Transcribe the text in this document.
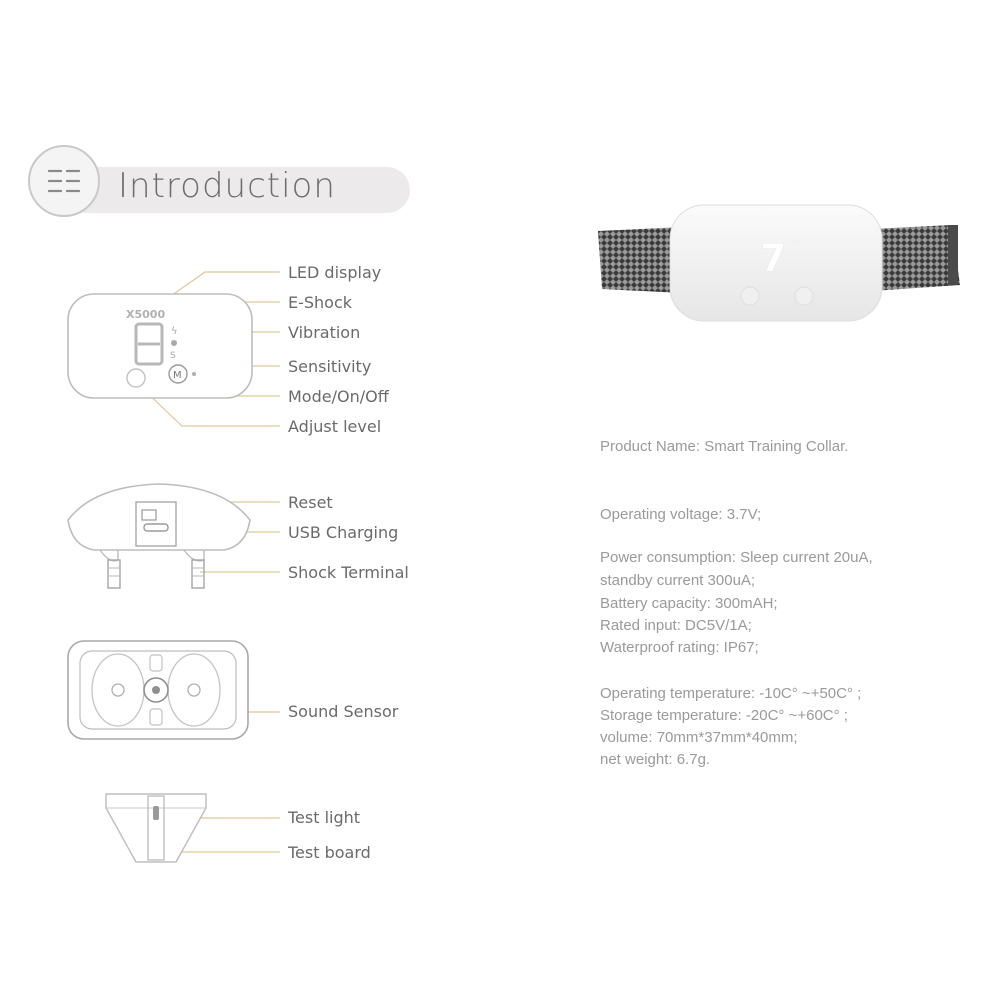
Introduction
X5000
ϟ
S
M
LED display
E-Shock
Vibration
Sensitivity
Mode/On/Off
Adjust level
Reset
USB Charging
Shock Terminal
Sound Sensor
Test light
Test board
7
Product Name: Smart Training Collar.
Operating voltage: 3.7V;
Power consumption: Sleep current 20uA,
standby current 300uA;
Battery capacity: 300mAH;
Rated input: DC5V/1A;
Waterproof rating: IP67;
Operating temperature: -10C° ~+50C° ;
Storage temperature: -20C° ~+60C° ;
volume: 70mm*37mm*40mm;
net weight: 6.7g.
